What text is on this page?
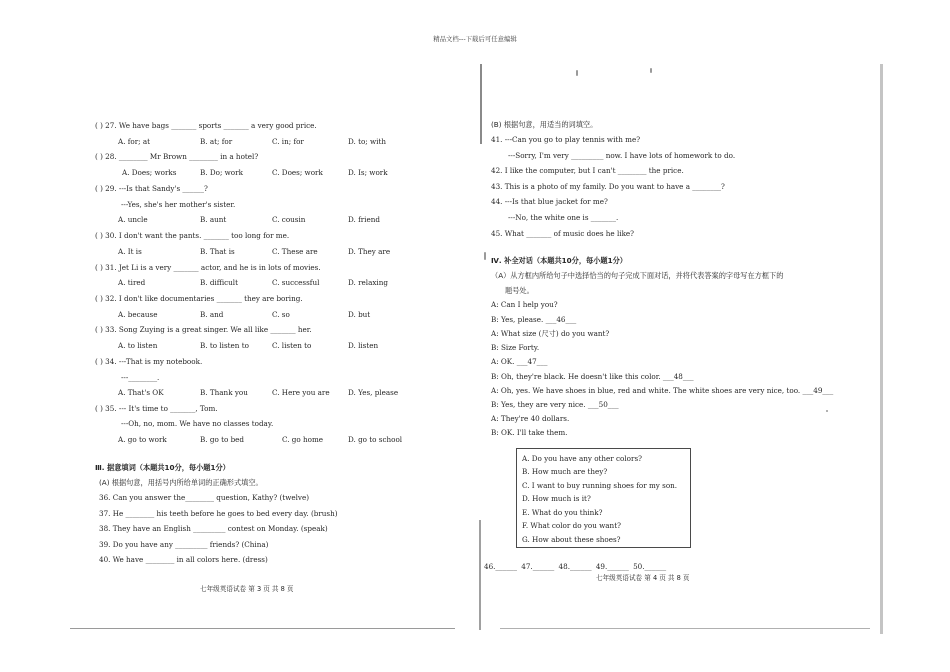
精品文档---下载后可任意编辑
( ) 27. We have bags _______ sports _______ a very good price.
A. for; at	B. at; for	C. in; for	D. to; with
( ) 28. ________ Mr Brown ________ in a hotel?
A. Does; works	B. Do; work	C. Does; work	D. Is; work
( ) 29. ---Is that Sandy's ______?
---Yes, she's her mother's sister.
A. uncle	B. aunt	C. cousin	D. friend
( ) 30. I don't want the pants. _______ too long for me.
A. It is	B. That is	C. These are	D. They are
( ) 31. Jet Li is a very _______ actor, and he is in lots of movies.
A. tired	B. difficult	C. successful	D. relaxing
( ) 32. I don't like documentaries _______ they are boring.
A. because	B. and	C. so	D. but
( ) 33. Song Zuying is a great singer. We all like _______ her.
A. to listen	B. to listen to	C. listen to	D. listen
( ) 34. ---That is my notebook.
---________.
A. That's OK	B. Thank you	C. Here you are	D. Yes, please
( ) 35. --- It's time to _______, Tom.
---Oh, no, mom. We have no classes today.
A. go to work	B. go to bed	C. go home	D. go to school
Ⅲ. 据意填词（本题共10分，每小题1分）
(A) 根据句意，用括号内所给单词的正确形式填空。
36. Can you answer the________ question, Kathy? (twelve)
37. He ________ his teeth before he goes to bed every day. (brush)
38. They have an English _________ contest on Monday. (speak)
39. Do you have any _________ friends? (China)
40. We have ________ in all colors here. (dress)
七年级英语试卷 第 3 页 共 8 页
(B) 根据句意，用适当的词填空。
41. ---Can you go to play tennis with me?
---Sorry, I'm very _________ now. I have lots of homework to do.
42. I like the computer, but I can't ________ the price.
43. This is a photo of my family. Do you want to have a ________?
44. ---Is that blue jacket for me?
---No, the white one is _______.
45. What _______ of music does he like?
Ⅳ. 补全对话（本题共10分，每小题1分）
（A）从方框内所给句子中选择恰当的句子完成下面对话，并将代表答案的字母写在方框下的
题号处。
A: Can I help you?
B: Yes, please. ___46___
A: What size (尺寸) do you want?
B: Size Forty.
A: OK. ___47___
B: Oh, they're black. He doesn't like this color. ___48___
A: Oh, yes. We have shoes in blue, red and white. The white shoes are very nice, too. ___49___
B: Yes, they are very nice. ___50___
A: They're 40 dollars.
B: OK. I'll take them.
A. Do you have any other colors?
B. How much are they?
C. I want to buy running shoes for my son.
D. How much is it?
E. What do you think?
F. What color do you want?
G. How about these shoes?
46.______ 47.______ 48.______ 49.______ 50.______
七年级英语试卷 第 4 页 共 8 页
